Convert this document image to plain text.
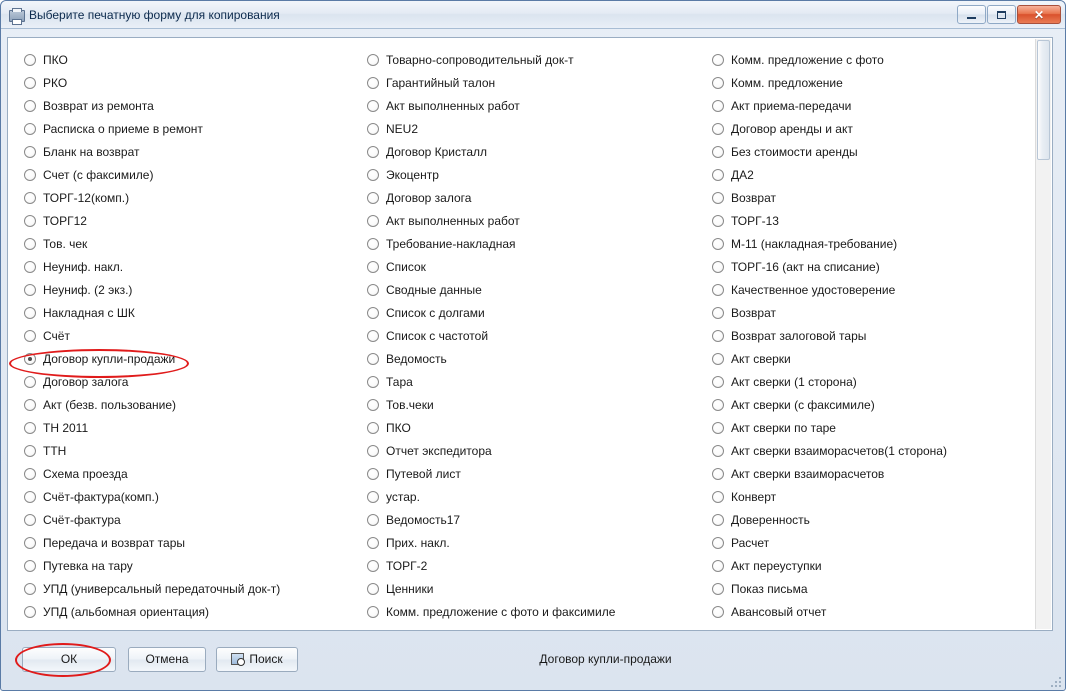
Выберите печатную форму для копирования	✕
ПКО
РКО
Возврат из ремонта
Расписка о приеме в ремонт
Бланк на возврат
Счет (с факсимиле)
ТОРГ-12(комп.)
ТОРГ12
Тов. чек
Неуниф. накл.
Неуниф. (2 экз.)
Накладная с ШК
Счёт
Договор купли-продажи
Договор залога
Акт (безв. пользование)
ТН 2011
ТТН
Схема проезда
Счёт-фактура(комп.)
Счёт-фактура
Передача и возврат тары
Путевка на тару
УПД (универсальный передаточный док-т)
УПД (альбомная ориентация)
Товарно-сопроводительный док-т
Гарантийный талон
Акт выполненных работ
NEU2
Договор Кристалл
Экоцентр
Договор залога
Акт выполненных работ
Требование-накладная
Список
Сводные данные
Список с долгами
Список с частотой
Ведомость
Тара
Тов.чеки
ПКО
Отчет экспедитора
Путевой лист
устар.
Ведомость17
Прих. накл.
ТОРГ-2
Ценники
Комм. предложение с фото и факсимиле
Комм. предложение с фото
Комм. предложение
Акт приема-передачи
Договор аренды и акт
Без стоимости аренды
ДА2
Возврат
ТОРГ-13
М-11 (накладная-требование)
ТОРГ-16 (акт на списание)
Качественное удостоверение
Возврат
Возврат залоговой тары
Акт сверки
Акт сверки (1 сторона)
Акт сверки (с факсимиле)
Акт сверки по таре
Акт сверки взаиморасчетов(1 сторона)
Акт сверки взаиморасчетов
Конверт
Доверенность
Расчет
Акт переуступки
Показ письма
Авансовый отчет
ОК	Отмена	Поиск	Договор купли-продажи
